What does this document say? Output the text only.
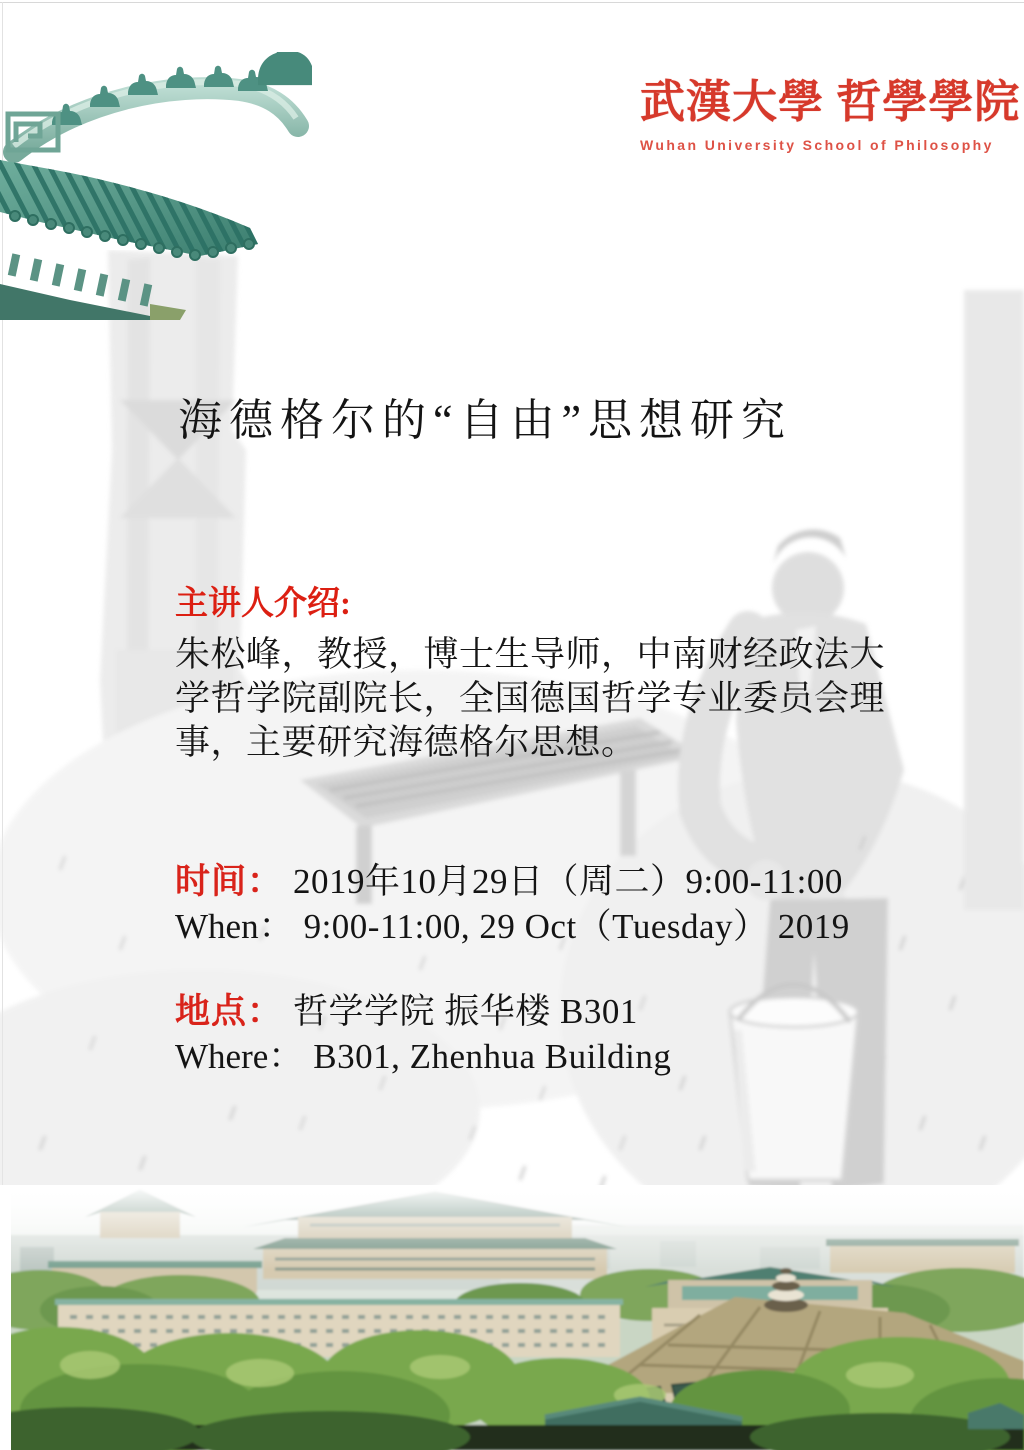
武漢大學 哲學學院
Wuhan University School of Philosophy
海德格尔的“自由”思想研究
主讲人介绍:
朱松峰，教授，博士生导师，中南财经政法大
学哲学院副院长，全国德国哲学专业委员会理
事，主要研究海德格尔思想。
时间： 2019年10月29日（周二）9:00-11:00
When： 9:00-11:00, 29 Oct（Tuesday） 2019
地点： 哲学学院 振华楼 B301
Where： B301, Zhenhua Building
